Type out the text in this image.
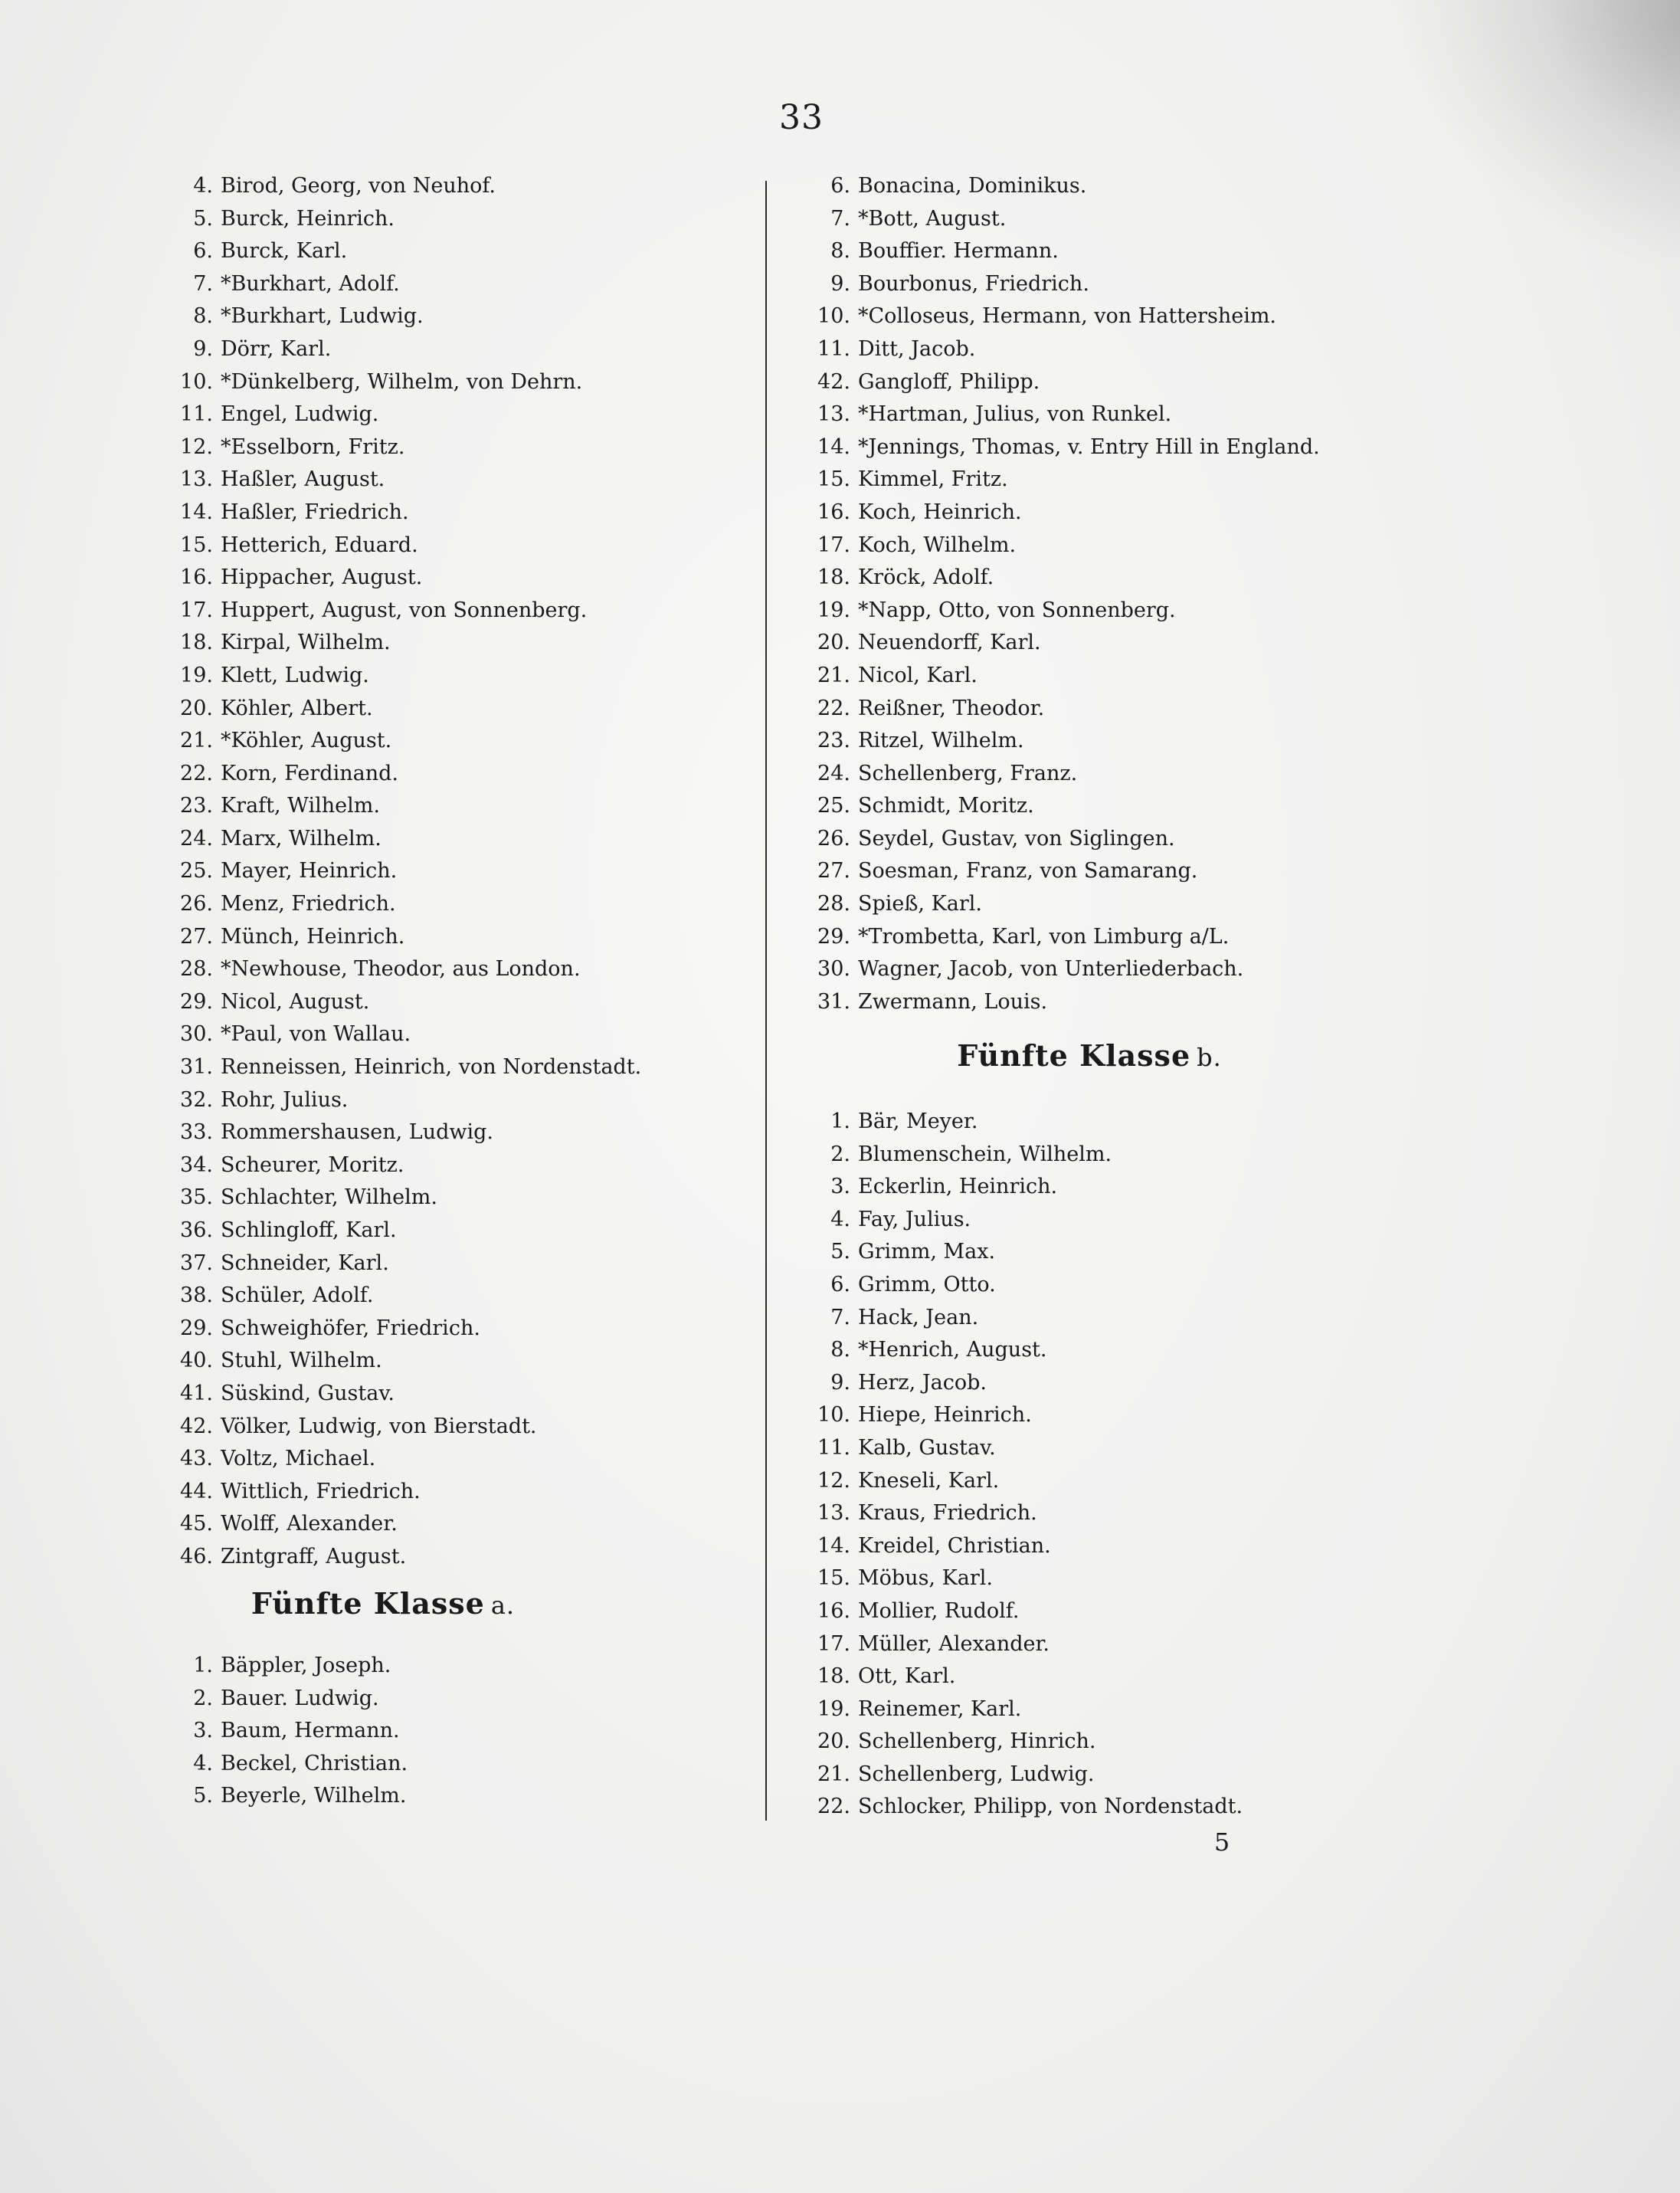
33
4. Birod, Georg, von Neuhof.
5. Burck, Heinrich.
6. Burck, Karl.
7. *Burkhart, Adolf.
8. *Burkhart, Ludwig.
9. Dörr, Karl.
10. *Dünkelberg, Wilhelm, von Dehrn.
11. Engel, Ludwig.
12. *Esselborn, Fritz.
13. Haßler, August.
14. Haßler, Friedrich.
15. Hetterich, Eduard.
16. Hippacher, August.
17. Huppert, August, von Sonnenberg.
18. Kirpal, Wilhelm.
19. Klett, Ludwig.
20. Köhler, Albert.
21. *Köhler, August.
22. Korn, Ferdinand.
23. Kraft, Wilhelm.
24. Marx, Wilhelm.
25. Mayer, Heinrich.
26. Menz, Friedrich.
27. Münch, Heinrich.
28. *Newhouse, Theodor, aus London.
29. Nicol, August.
30. *Paul, von Wallau.
31. Renneissen, Heinrich, von Nordenstadt.
32. Rohr, Julius.
33. Rommershausen, Ludwig.
34. Scheurer, Moritz.
35. Schlachter, Wilhelm.
36. Schlingloff, Karl.
37. Schneider, Karl.
38. Schüler, Adolf.
29. Schweighöfer, Friedrich.
40. Stuhl, Wilhelm.
41. Süskind, Gustav.
42. Völker, Ludwig, von Bierstadt.
43. Voltz, Michael.
44. Wittlich, Friedrich.
45. Wolff, Alexander.
46. Zintgraff, August.
6. Bonacina, Dominikus.
7. *Bott, August.
8. Bouffier. Hermann.
9. Bourbonus, Friedrich.
10. *Colloseus, Hermann, von Hattersheim.
11. Ditt, Jacob.
42. Gangloff, Philipp.
13. *Hartman, Julius, von Runkel.
14. *Jennings, Thomas, v. Entry Hill in England.
15. Kimmel, Fritz.
16. Koch, Heinrich.
17. Koch, Wilhelm.
18. Kröck, Adolf.
19. *Napp, Otto, von Sonnenberg.
20. Neuendorff, Karl.
21. Nicol, Karl.
22. Reißner, Theodor.
23. Ritzel, Wilhelm.
24. Schellenberg, Franz.
25. Schmidt, Moritz.
26. Seydel, Gustav, von Siglingen.
27. Soesman, Franz, von Samarang.
28. Spieß, Karl.
29. *Trombetta, Karl, von Limburg a/L.
30. Wagner, Jacob, von Unterliederbach.
31. Zwermann, Louis.
Fünfte Klasse a.
1. Bäppler, Joseph.
2. Bauer. Ludwig.
3. Baum, Hermann.
4. Beckel, Christian.
5. Beyerle, Wilhelm.
Fünfte Klasse b.
1. Bär, Meyer.
2. Blumenschein, Wilhelm.
3. Eckerlin, Heinrich.
4. Fay, Julius.
5. Grimm, Max.
6. Grimm, Otto.
7. Hack, Jean.
8. *Henrich, August.
9. Herz, Jacob.
10. Hiepe, Heinrich.
11. Kalb, Gustav.
12. Kneseli, Karl.
13. Kraus, Friedrich.
14. Kreidel, Christian.
15. Möbus, Karl.
16. Mollier, Rudolf.
17. Müller, Alexander.
18. Ott, Karl.
19. Reinemer, Karl.
20. Schellenberg, Hinrich.
21. Schellenberg, Ludwig.
22. Schlocker, Philipp, von Nordenstadt.
5
